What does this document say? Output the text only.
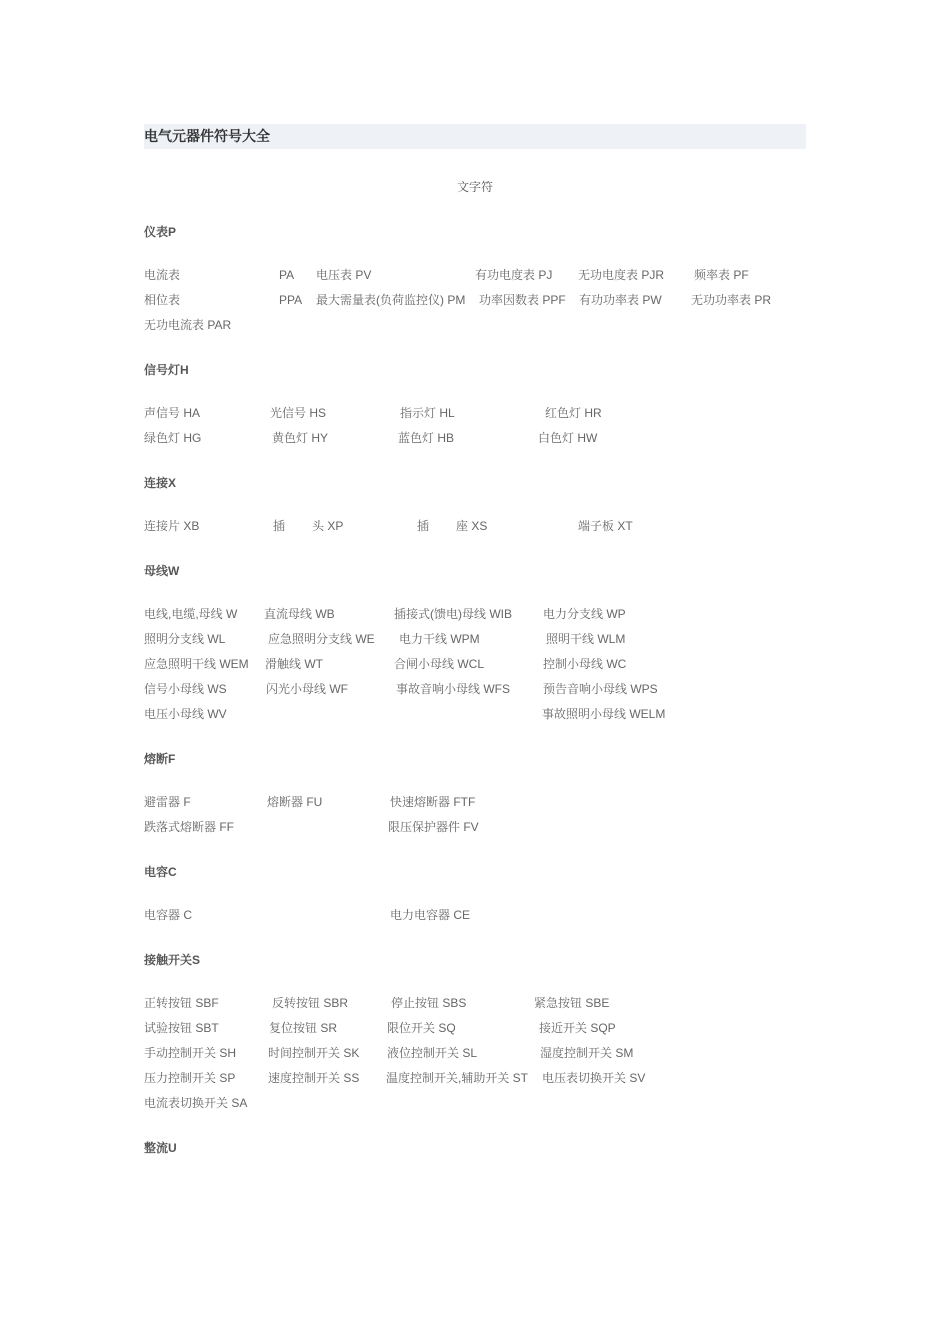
电气元器件符号大全
文字符
仪表P
电流表	PA 电压表 PV	有功电度表 PJ 无功电度表 PJR 频率表 PF
相位表	PPA 最大需量表(负荷监控仪) PM 功率因数表 PPF 有功功率表 PW 无功功率表 PR
无功电流表 PAR
信号灯H
声信号 HA	光信号 HS	指示灯 HL	红色灯 HR
绿色灯 HG	黄色灯 HY	蓝色灯 HB	白色灯 HW
连接X
连接片 XB	插 头 XP	插 座 XS	端子板 XT
母线W
电线,电缆,母线 W 直流母线 WB	插接式(馈电)母线 WIB	电力分支线 WP
照明分支线 WL	应急照明分支线 WE 电力干线 WPM	照明干线 WLM
应急照明干线 WEM 滑触线 WT	合闸小母线 WCL	控制小母线 WC
信号小母线 WS	闪光小母线 WF	事故音响小母线 WFS	预告音响小母线 WPS
电压小母线 WV	事故照明小母线 WELM
熔断F
避雷器 F	熔断器 FU	快速熔断器 FTF
跌落式熔断器 FF	限压保护器件 FV
电容C
电容器 C	电力电容器 CE
接触开关S
正转按钮 SBF	反转按钮 SBR	停止按钮 SBS	紧急按钮 SBE
试验按钮 SBT	复位按钮 SR	限位开关 SQ	接近开关 SQP
手动控制开关 SH	时间控制开关 SK 液位控制开关 SL	湿度控制开关 SM
压力控制开关 SP	速度控制开关 SS 温度控制开关,辅助开关 ST 电压表切换开关 SV
电流表切换开关 SA
整流U
